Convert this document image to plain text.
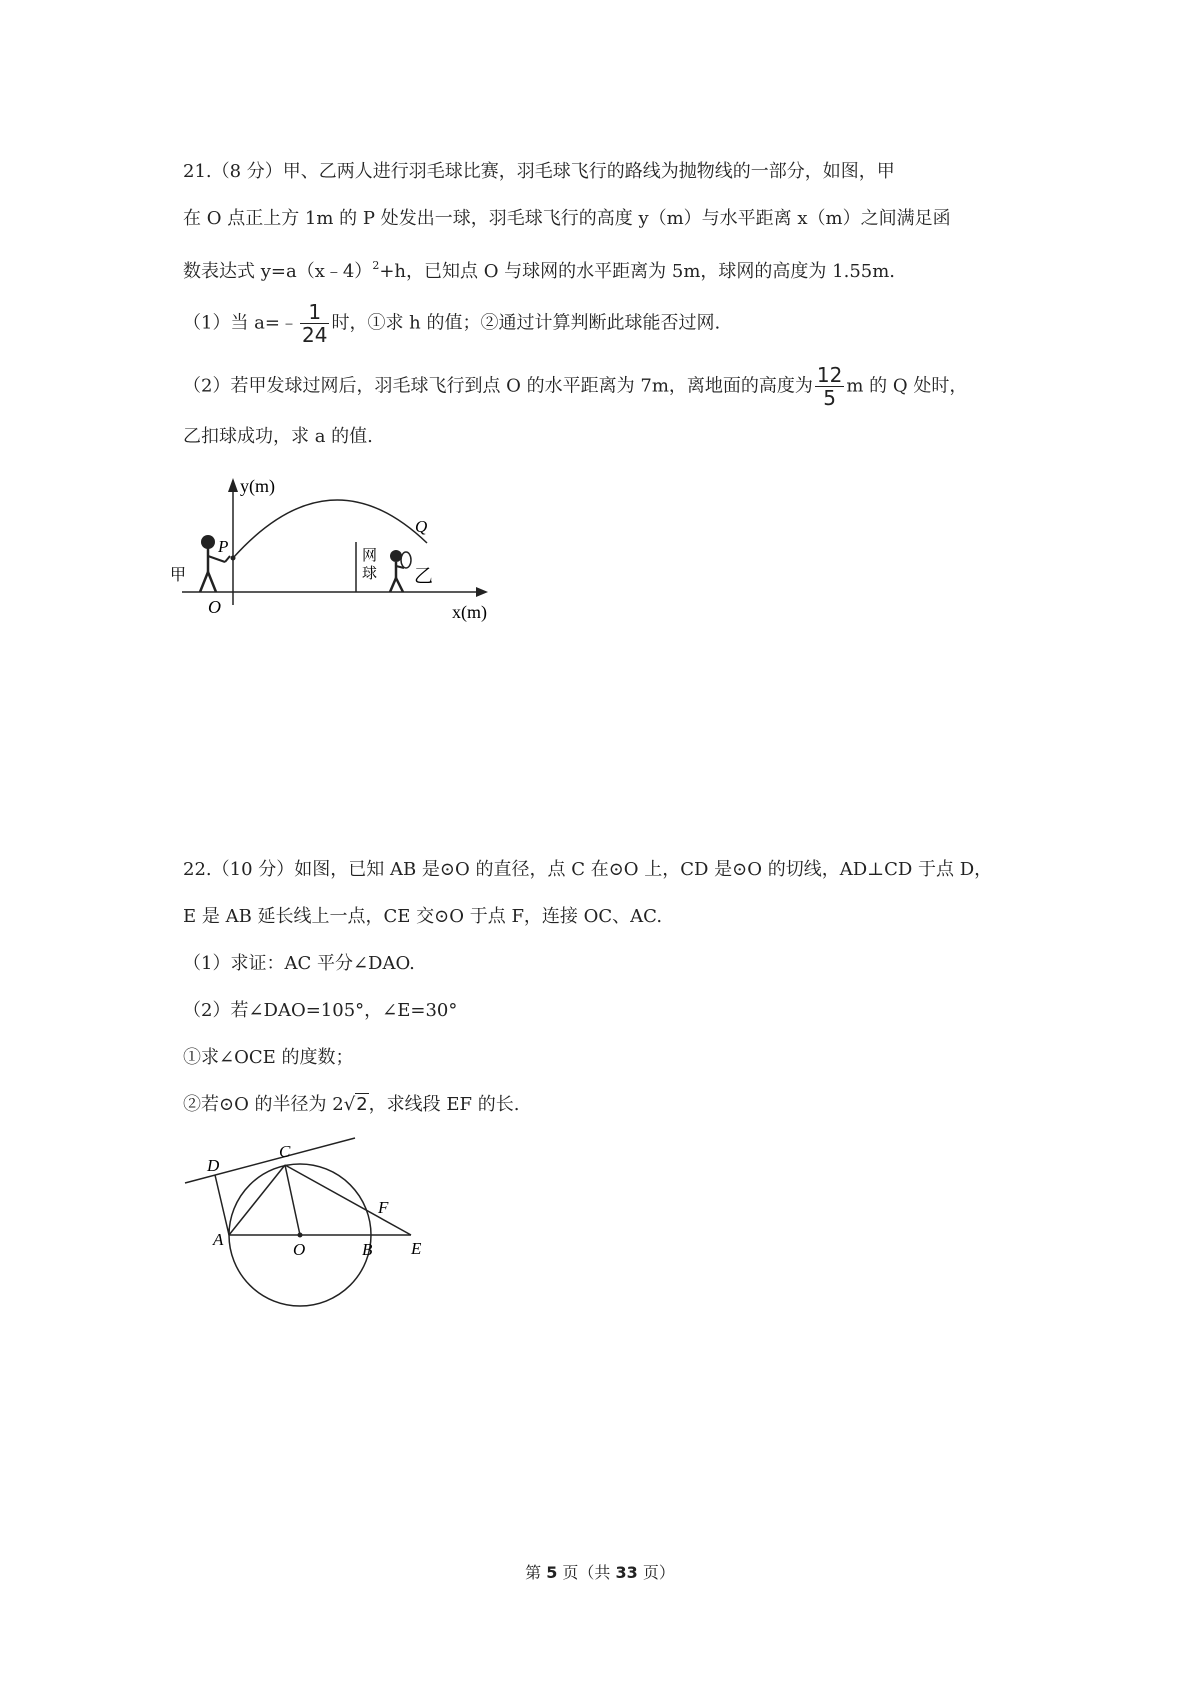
21.（8 分）甲、乙两人进行羽毛球比赛，羽毛球飞行的路线为抛物线的一部分，如图，甲
在 O 点正上方 1m 的 P 处发出一球，羽毛球飞行的高度 y（m）与水平距离 x（m）之间满足函
数表达式 y=a（x﹣4）$^2$+h，已知点 O 与球网的水平距离为 5m，球网的高度为 1.55m.
（1）当 a=﹣ $\frac{1}{24}$ 时，①求 h 的值；②通过计算判断此球能否过网.
（2）若甲发球过网后，羽毛球飞行到点 O 的水平距离为 7m，离地面的高度为 $\frac{12}{5}$ m 的 Q 处时，
乙扣球成功，求 a 的值.
y(m)
x(m)
O
P
Q
网
球
甲	乙
22.（10 分）如图，已知 AB 是⊙O 的直径，点 C 在⊙O 上，CD 是⊙O 的切线，AD⊥CD 于点 D，
E 是 AB 延长线上一点，CE 交⊙O 于点 F，连接 OC、AC.
（1）求证：AC 平分∠DAO.
（2）若∠DAO=105°，∠E=30°
①求∠OCE 的度数；
②若⊙O 的半径为 2√2，求线段 EF 的长.
D
C
F
A
O	B E
第 5 页（共 33 页）
